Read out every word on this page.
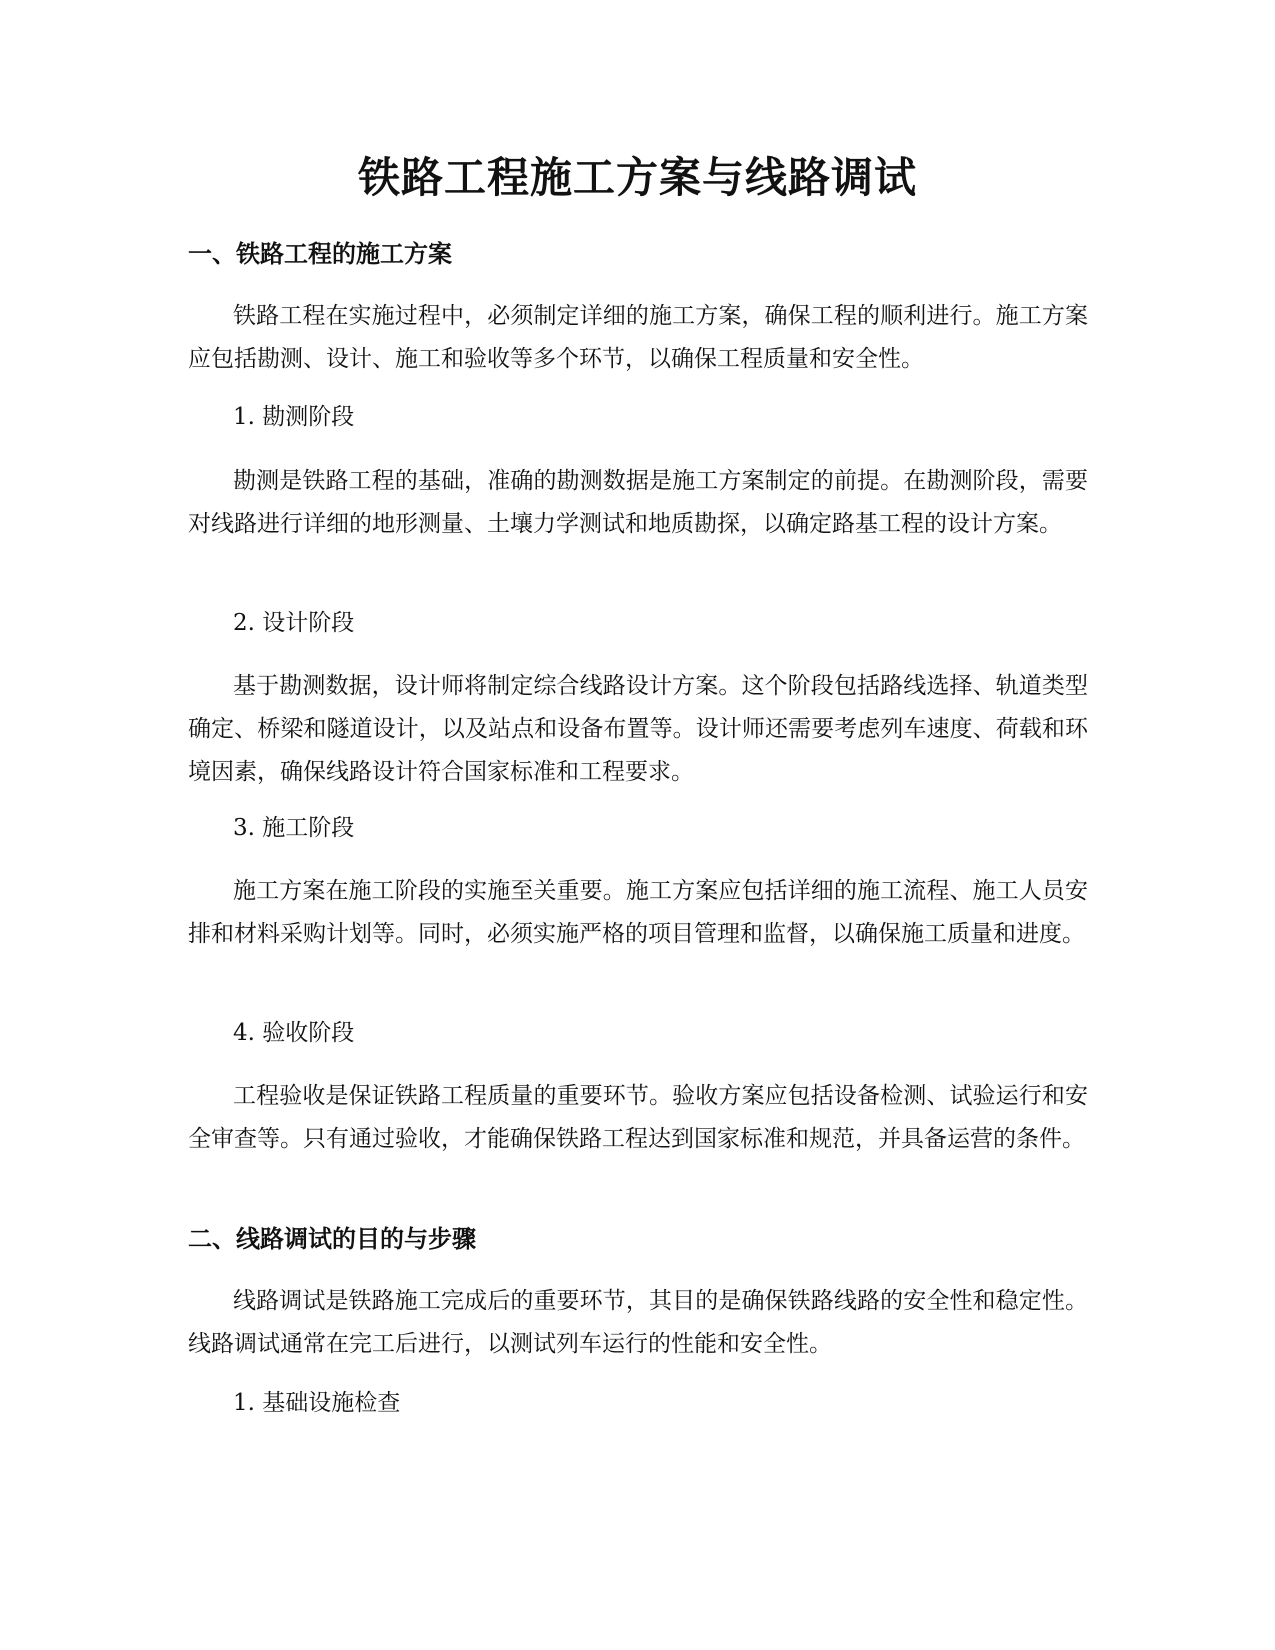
铁路工程施工方案与线路调试
一、铁路工程的施工方案

铁路工程在实施过程中，必须制定详细的施工方案，确保工程的顺利进行。施工方案应包括勘测、设计、施工和验收等多个环节，以确保工程质量和安全性。

1. 勘测阶段

勘测是铁路工程的基础，准确的勘测数据是施工方案制定的前提。在勘测阶段，需要对线路进行详细的地形测量、土壤力学测试和地质勘探，以确定路基工程的设计方案。

2. 设计阶段

基于勘测数据，设计师将制定综合线路设计方案。这个阶段包括路线选择、轨道类型确定、桥梁和隧道设计，以及站点和设备布置等。设计师还需要考虑列车速度、荷载和环境因素，确保线路设计符合国家标准和工程要求。

3. 施工阶段

施工方案在施工阶段的实施至关重要。施工方案应包括详细的施工流程、施工人员安排和材料采购计划等。同时，必须实施严格的项目管理和监督，以确保施工质量和进度。

4. 验收阶段

工程验收是保证铁路工程质量的重要环节。验收方案应包括设备检测、试验运行和安全审查等。只有通过验收，才能确保铁路工程达到国家标准和规范，并具备运营的条件。

二、线路调试的目的与步骤

线路调试是铁路施工完成后的重要环节，其目的是确保铁路线路的安全性和稳定性。线路调试通常在完工后进行，以测试列车运行的性能和安全性。

1. 基础设施检查
